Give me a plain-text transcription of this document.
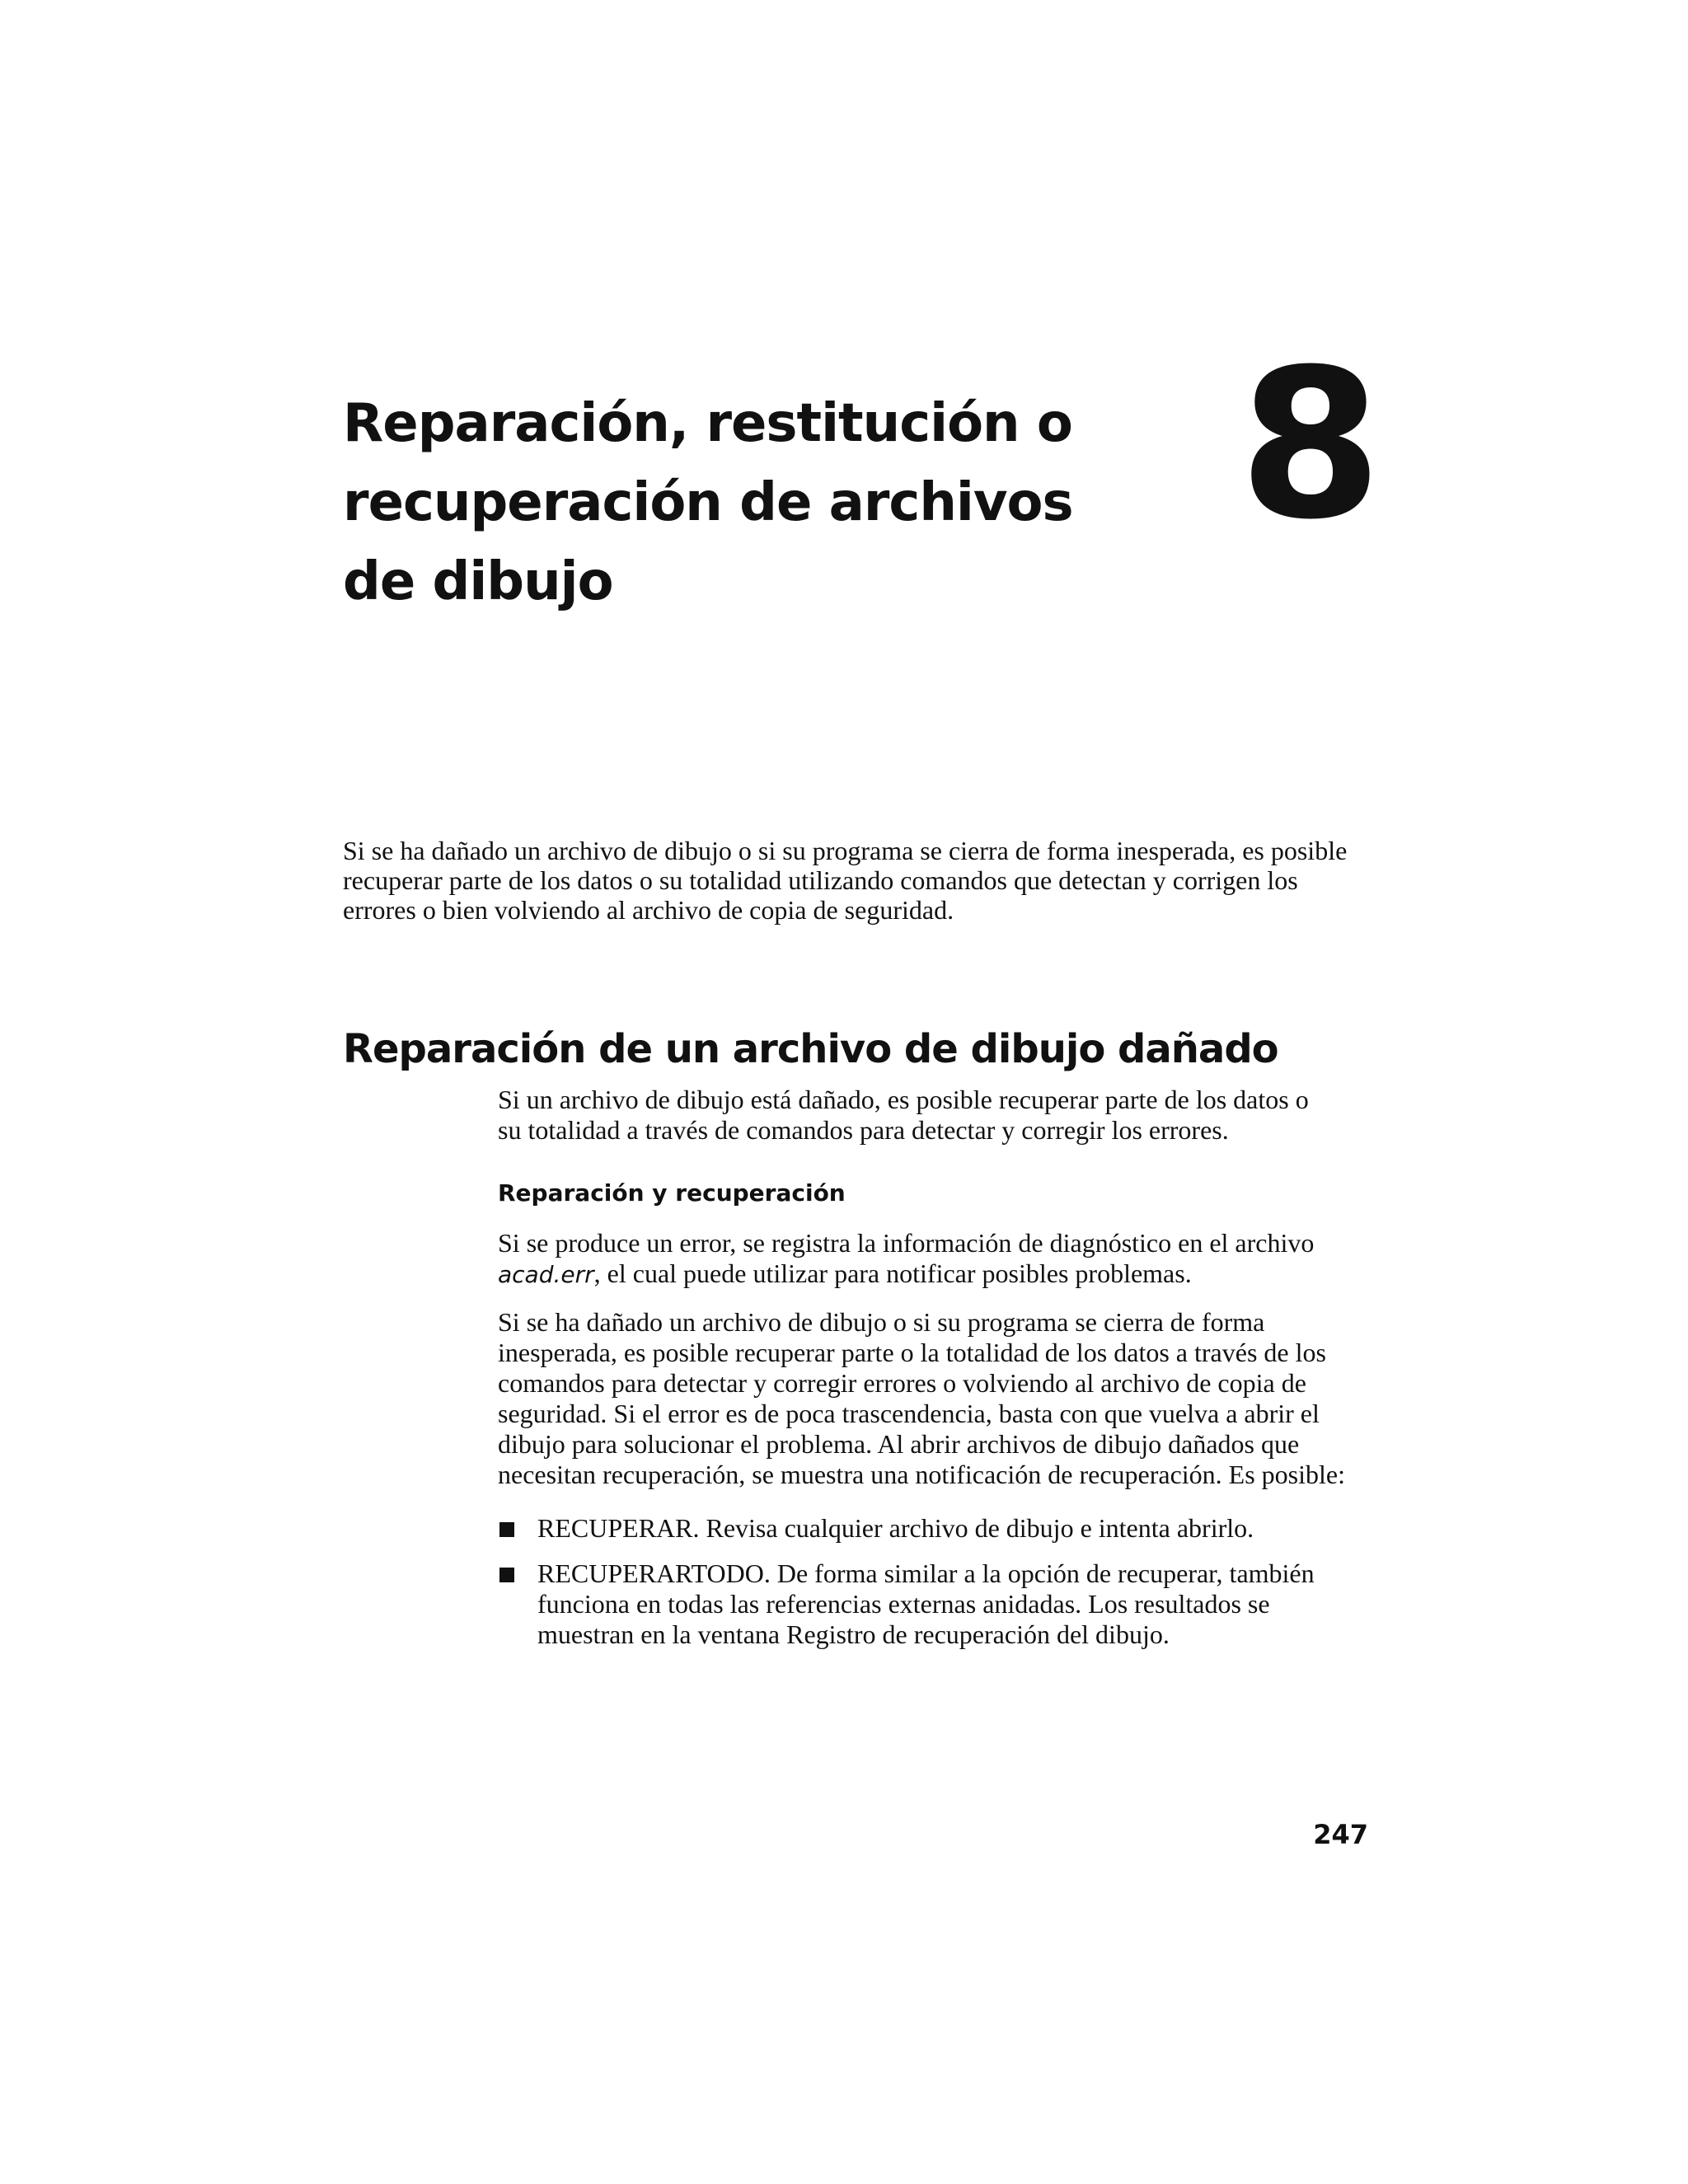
Reparación, restitución o
recuperación de archivos
de dibujo
8

Si se ha dañado un archivo de dibujo o si su programa se cierra de forma inesperada, es posible
recuperar parte de los datos o su totalidad utilizando comandos que detectan y corrigen los
errores o bien volviendo al archivo de copia de seguridad.

Reparación de un archivo de dibujo dañado

Si un archivo de dibujo está dañado, es posible recuperar parte de los datos o
su totalidad a través de comandos para detectar y corregir los errores.

Reparación y recuperación

Si se produce un error, se registra la información de diagnóstico en el archivo
acad.err, el cual puede utilizar para notificar posibles problemas.

Si se ha dañado un archivo de dibujo o si su programa se cierra de forma
inesperada, es posible recuperar parte o la totalidad de los datos a través de los
comandos para detectar y corregir errores o volviendo al archivo de copia de
seguridad. Si el error es de poca trascendencia, basta con que vuelva a abrir el
dibujo para solucionar el problema. Al abrir archivos de dibujo dañados que
necesitan recuperación, se muestra una notificación de recuperación. Es posible:

RECUPERAR. Revisa cualquier archivo de dibujo e intenta abrirlo.
RECUPERARTODO. De forma similar a la opción de recuperar, también
funciona en todas las referencias externas anidadas. Los resultados se
muestran en la ventana Registro de recuperación del dibujo.
247
